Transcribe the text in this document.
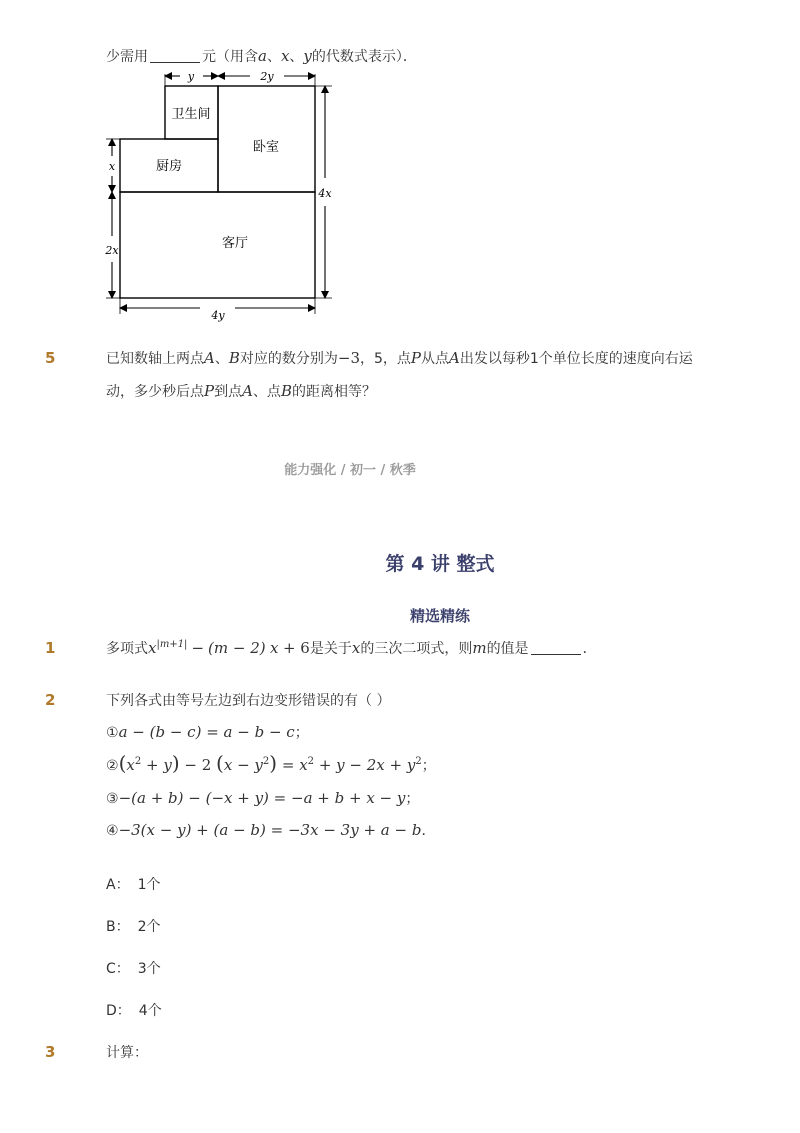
少需用	元（用含a、x、y的代数式表示）．
卫生间
卧室
厨房
客厅
y	2y
x
2x
4x
4y
5	已知数轴上两点A、B对应的数分别为−3，5，点P从点A出发以每秒1个单位长度的速度向右运
动，多少秒后点P到点A、点B的距离相等？
能力强化 / 初一 / 秋季
第 4 讲 整式
精选精练
1	多项式$x^{|m+1|} - (m - 2) x + 6$是关于x的三次二项式，则m的值是	．
2	下列各式由等号左边到右边变形错误的有（ ）
①a − (b − c) = a − b − c；
$②(x^2 + y) - 2$ $(x - y^2) = x^2 + y - 2x + y^2$；
③−(a + b) − (−x + y) = −a + b + x − y；
④−3(x − y) + (a − b) = −3x − 3y + a − b．
A： 1个
B： 2个
C： 3个
D： 4个
3	计算：
